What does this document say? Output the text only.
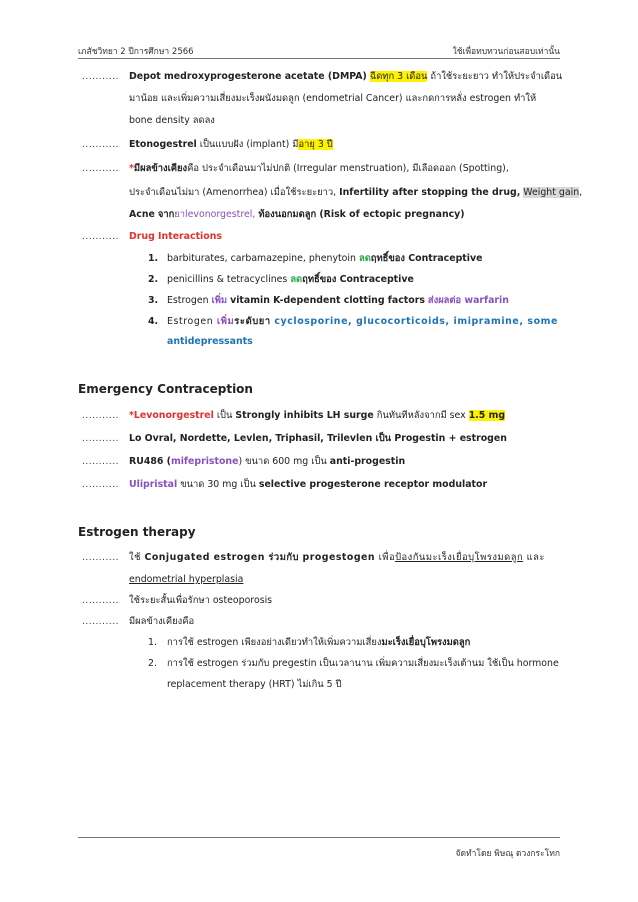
เภสัชวิทยา 2 ปีการศึกษา 2566	ใช้เพื่อทบทวนก่อนสอบเท่านั้น
........... Depot medroxyprogesterone acetate (DMPA) ฉีดทุก 3 เดือน ถ้าใช้ระยะยาว ทำให้ประจำเดือน
มาน้อย และเพิ่มความเสี่ยงมะเร็งผนังมดลูก (endometrial Cancer) และกดการหลั่ง estrogen ทำให้
bone density ลดลง
........... Etonogestrel เป็นแบบฝัง (implant) มีอายุ 3 ปี
........... *มีผลข้างเคียงคือ ประจำเดือนมาไม่ปกติ (Irregular menstruation), มีเลือดออก (Spotting),
ประจำเดือนไม่มา (Amenorrhea) เมื่อใช้ระยะยาว, Infertility after stopping the drug, Weight gain,
Acne จากยาlevonorgestrel, ท้องนอกมดลูก (Risk of ectopic pregnancy)
........... Drug Interactions
1. barbiturates, carbamazepine, phenytoin ลดฤทธิ์ของ Contraceptive
2. penicillins & tetracyclines ลดฤทธิ์ของ Contraceptive
3. Estrogen เพิ่ม vitamin K-dependent clotting factors ส่งผลต่อ warfarin
4. Estrogen เพิ่มระดับยา cyclosporine, glucocorticoids, imipramine, some
antidepressants
Emergency Contraception
........... *Levonorgestrel เป็น Strongly inhibits LH surge กินทันทีหลังจากมี sex 1.5 mg
........... Lo Ovral, Nordette, Levlen, Triphasil, Trilevlen เป็น Progestin + estrogen
........... RU486 (mifepristone) ขนาด 600 mg เป็น anti-progestin
........... Ulipristal ขนาด 30 mg เป็น selective progesterone receptor modulator
Estrogen therapy
........... ใช้ Conjugated estrogen ร่วมกับ progestogen เพื่อป้องกันมะเร็งเยื่อบุโพรงมดลูก และ
endometrial hyperplasia
........... ใช้ระยะสั้นเพื่อรักษา osteoporosis
........... มีผลข้างเคียงคือ
1. การใช้ estrogen เพียงอย่างเดียวทำให้เพิ่มความเสี่ยงมะเร็งเยื่อบุโพรงมดลูก
2. การใช้ estrogen ร่วมกับ pregestin เป็นเวลานาน เพิ่มความเสี่ยงมะเร็งเต้านม ใช้เป็น hormone
replacement therapy (HRT) ไม่เกิน 5 ปี
จัดทำโดย พิษณุ ดวงกระโทก
